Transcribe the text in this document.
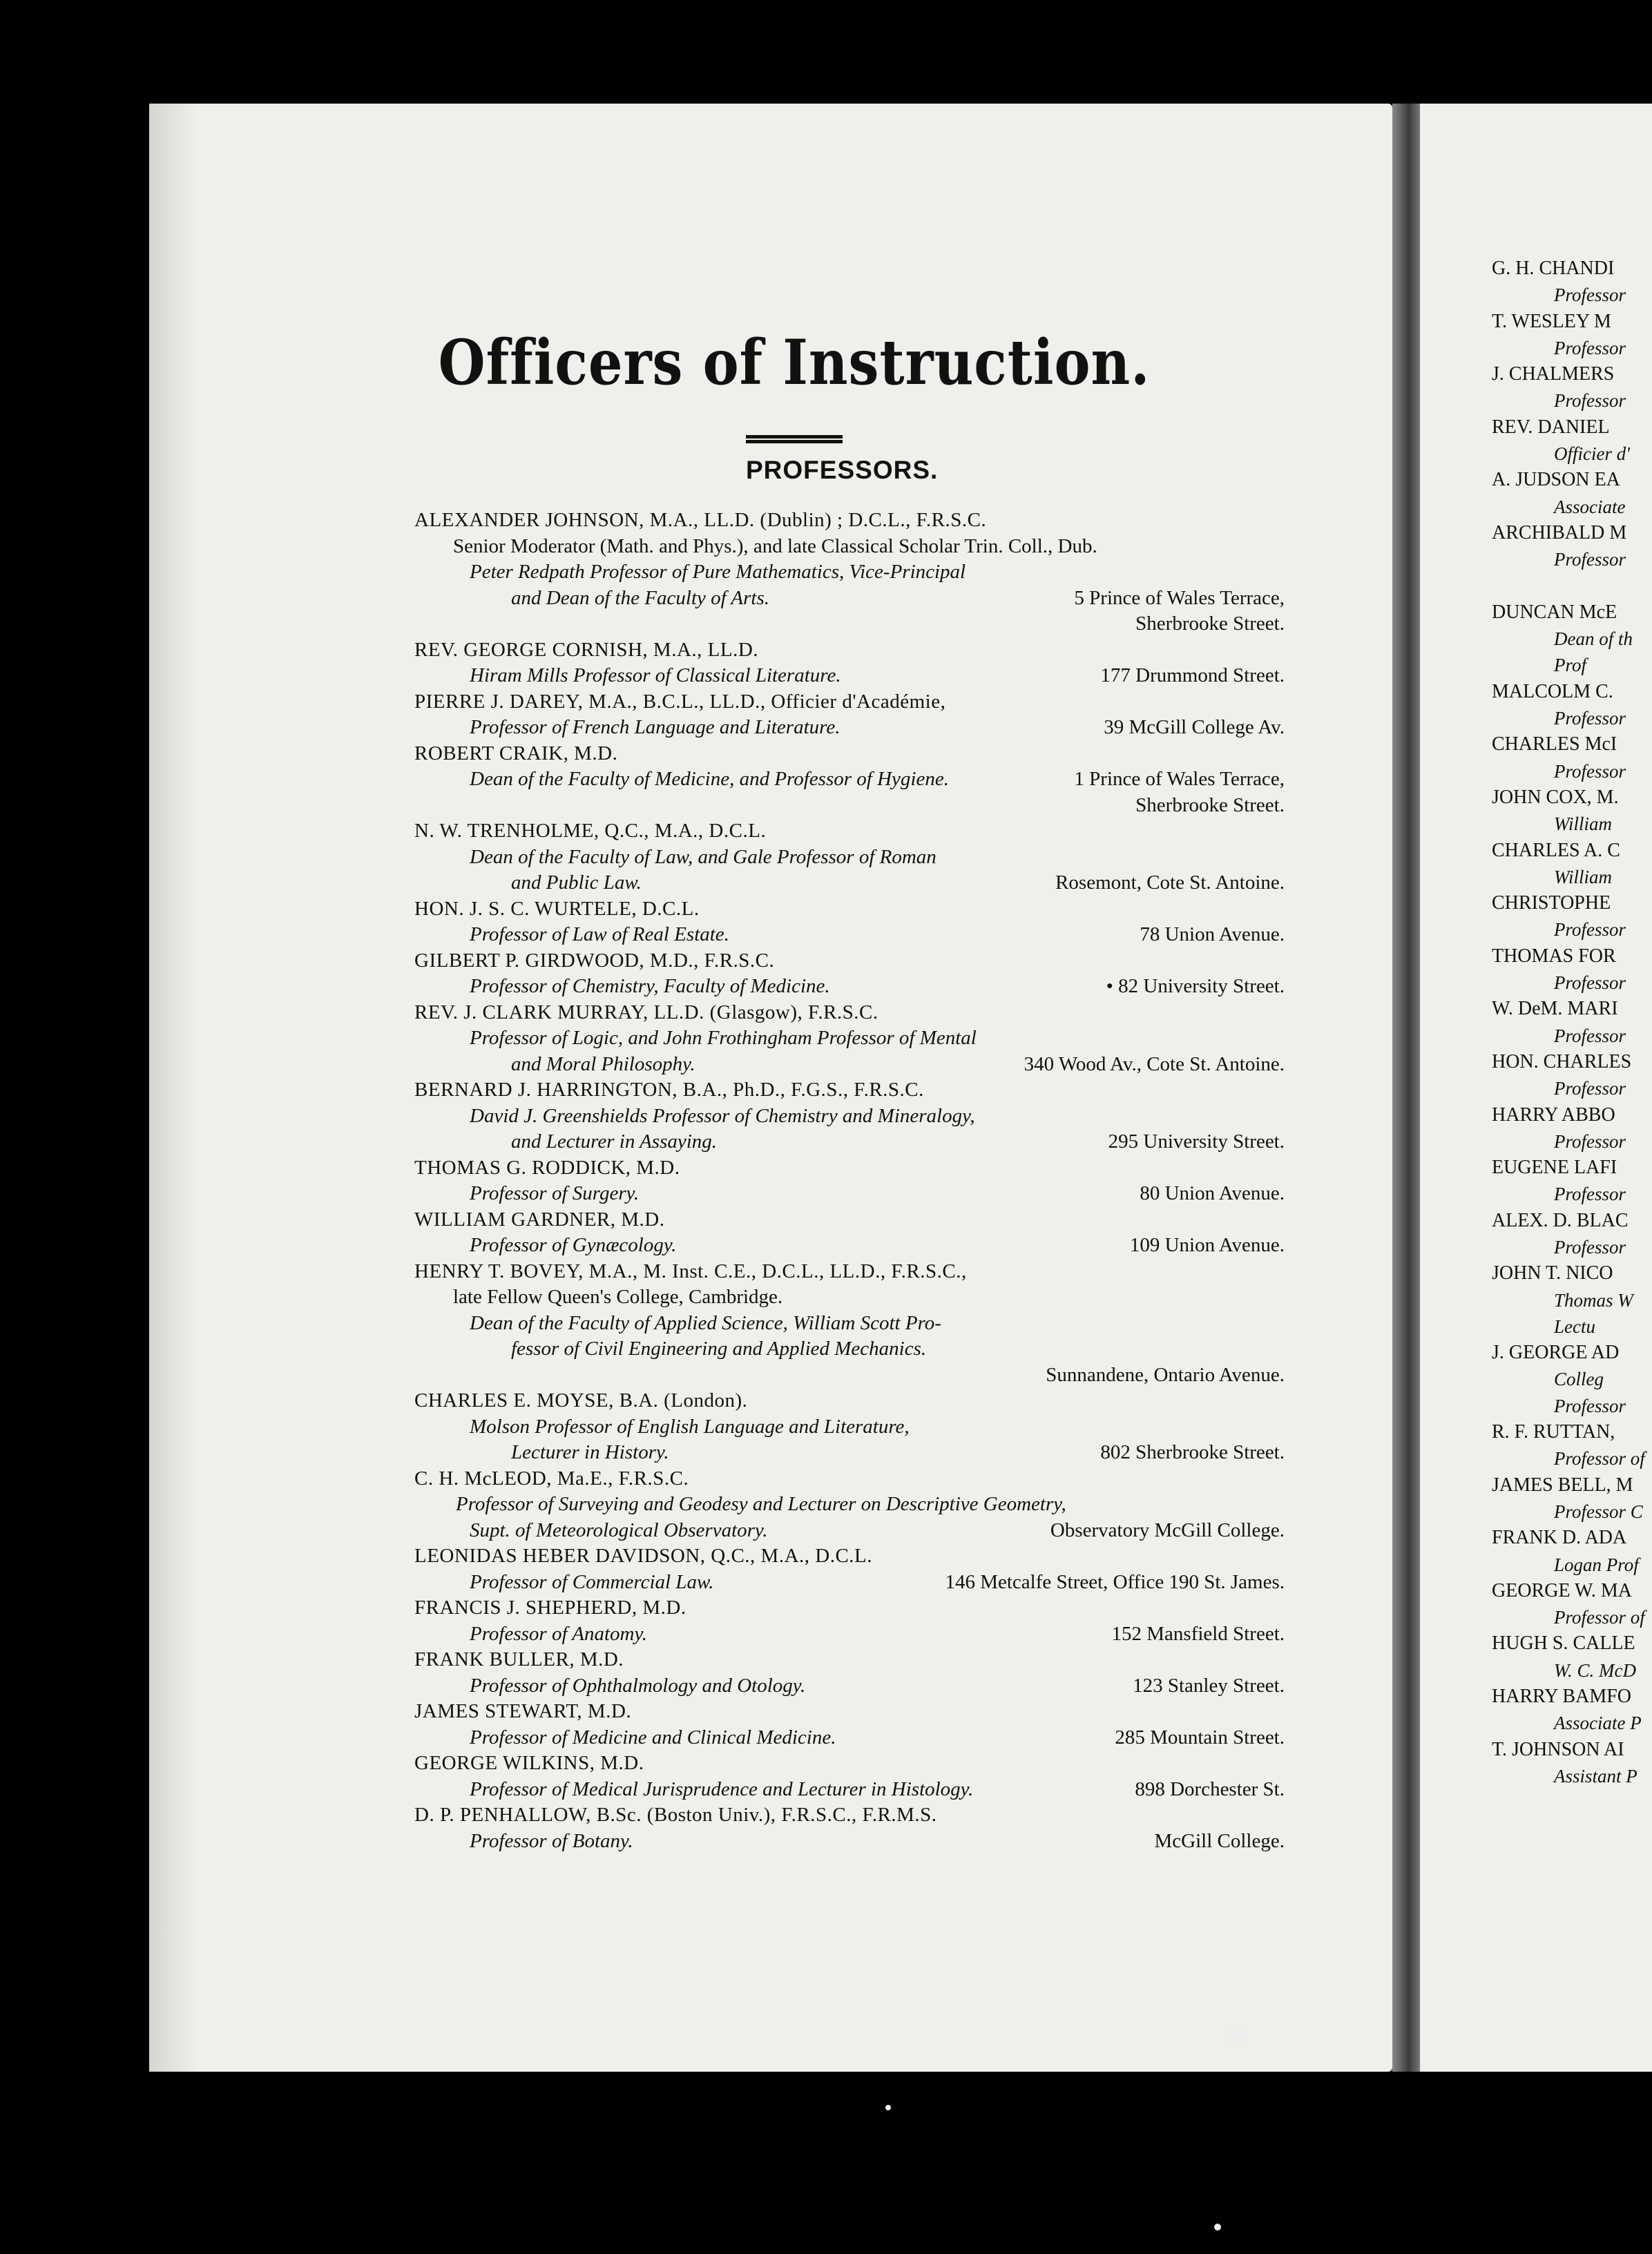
Officers of Instruction.
PROFESSORS.
ALEXANDER JOHNSON, M.A., LL.D. (Dublin) ; D.C.L., F.R.S.C.
Senior Moderator (Math. and Phys.), and late Classical Scholar Trin. Coll., Dub.
Peter Redpath Professor of Pure Mathematics, Vice-Principal
and Dean of the Faculty of Arts.	5 Prince of Wales Terrace,
Sherbrooke Street.
REV. GEORGE CORNISH, M.A., LL.D.
Hiram Mills Professor of Classical Literature.	177 Drummond Street.
PIERRE J. DAREY, M.A., B.C.L., LL.D., Officier d'Académie,
Professor of French Language and Literature.	39 McGill College Av.
ROBERT CRAIK, M.D.
Dean of the Faculty of Medicine, and Professor of Hygiene.	1 Prince of Wales Terrace,
Sherbrooke Street.
N. W. TRENHOLME, Q.C., M.A., D.C.L.
Dean of the Faculty of Law, and Gale Professor of Roman
and Public Law.	Rosemont, Cote St. Antoine.
HON. J. S. C. WURTELE, D.C.L.
Professor of Law of Real Estate.	78 Union Avenue.
GILBERT P. GIRDWOOD, M.D., F.R.S.C.
Professor of Chemistry, Faculty of Medicine.	• 82 University Street.
REV. J. CLARK MURRAY, LL.D. (Glasgow), F.R.S.C.
Professor of Logic, and John Frothingham Professor of Mental
and Moral Philosophy.	340 Wood Av., Cote St. Antoine.
BERNARD J. HARRINGTON, B.A., Ph.D., F.G.S., F.R.S.C.
David J. Greenshields Professor of Chemistry and Mineralogy,
and Lecturer in Assaying.	295 University Street.
THOMAS G. RODDICK, M.D.
Professor of Surgery.	80 Union Avenue.
WILLIAM GARDNER, M.D.
Professor of Gynæcology.	109 Union Avenue.
HENRY T. BOVEY, M.A., M. Inst. C.E., D.C.L., LL.D., F.R.S.C.,
late Fellow Queen's College, Cambridge.
Dean of the Faculty of Applied Science, William Scott Pro-
fessor of Civil Engineering and Applied Mechanics.
Sunnandene, Ontario Avenue.
CHARLES E. MOYSE, B.A. (London).
Molson Professor of English Language and Literature,
Lecturer in History.	802 Sherbrooke Street.
C. H. McLEOD, Ma.E., F.R.S.C.
Professor of Surveying and Geodesy and Lecturer on Descriptive Geometry,
Supt. of Meteorological Observatory.	Observatory McGill College.
LEONIDAS HEBER DAVIDSON, Q.C., M.A., D.C.L.
Professor of Commercial Law.	146 Metcalfe Street, Office 190 St. James.
FRANCIS J. SHEPHERD, M.D.
Professor of Anatomy.	152 Mansfield Street.
FRANK BULLER, M.D.
Professor of Ophthalmology and Otology.	123 Stanley Street.
JAMES STEWART, M.D.
Professor of Medicine and Clinical Medicine.	285 Mountain Street.
GEORGE WILKINS, M.D.
Professor of Medical Jurisprudence and Lecturer in Histology.	898 Dorchester St.
D. P. PENHALLOW, B.Sc. (Boston Univ.), F.R.S.C., F.R.M.S.
Professor of Botany.	McGill College.
G. H. CHANDI
Professor
T. WESLEY M
Professor
J. CHALMERS
Professor
REV. DANIEL
Officier d'
A. JUDSON EA
Associate
ARCHIBALD M
Professor
DUNCAN McE
Dean of th
Prof
MALCOLM C.
Professor
CHARLES McI
Professor
JOHN COX, M.
William
CHARLES A. C
William
CHRISTOPHE
Professor
THOMAS FOR
Professor
W. DeM. MARI
Professor
HON. CHARLES
Professor
HARRY ABBO
Professor
EUGENE LAFI
Professor
ALEX. D. BLAC
Professor
JOHN T. NICO
Thomas W
Lectu
J. GEORGE AD
Colleg
Professor
R. F. RUTTAN,
Professor of
JAMES BELL, M
Professor C
FRANK D. ADA
Logan Prof
GEORGE W. MA
Professor of
HUGH S. CALLE
W. C. McD
HARRY BAMFO
Associate P
T. JOHNSON AI
Assistant P
